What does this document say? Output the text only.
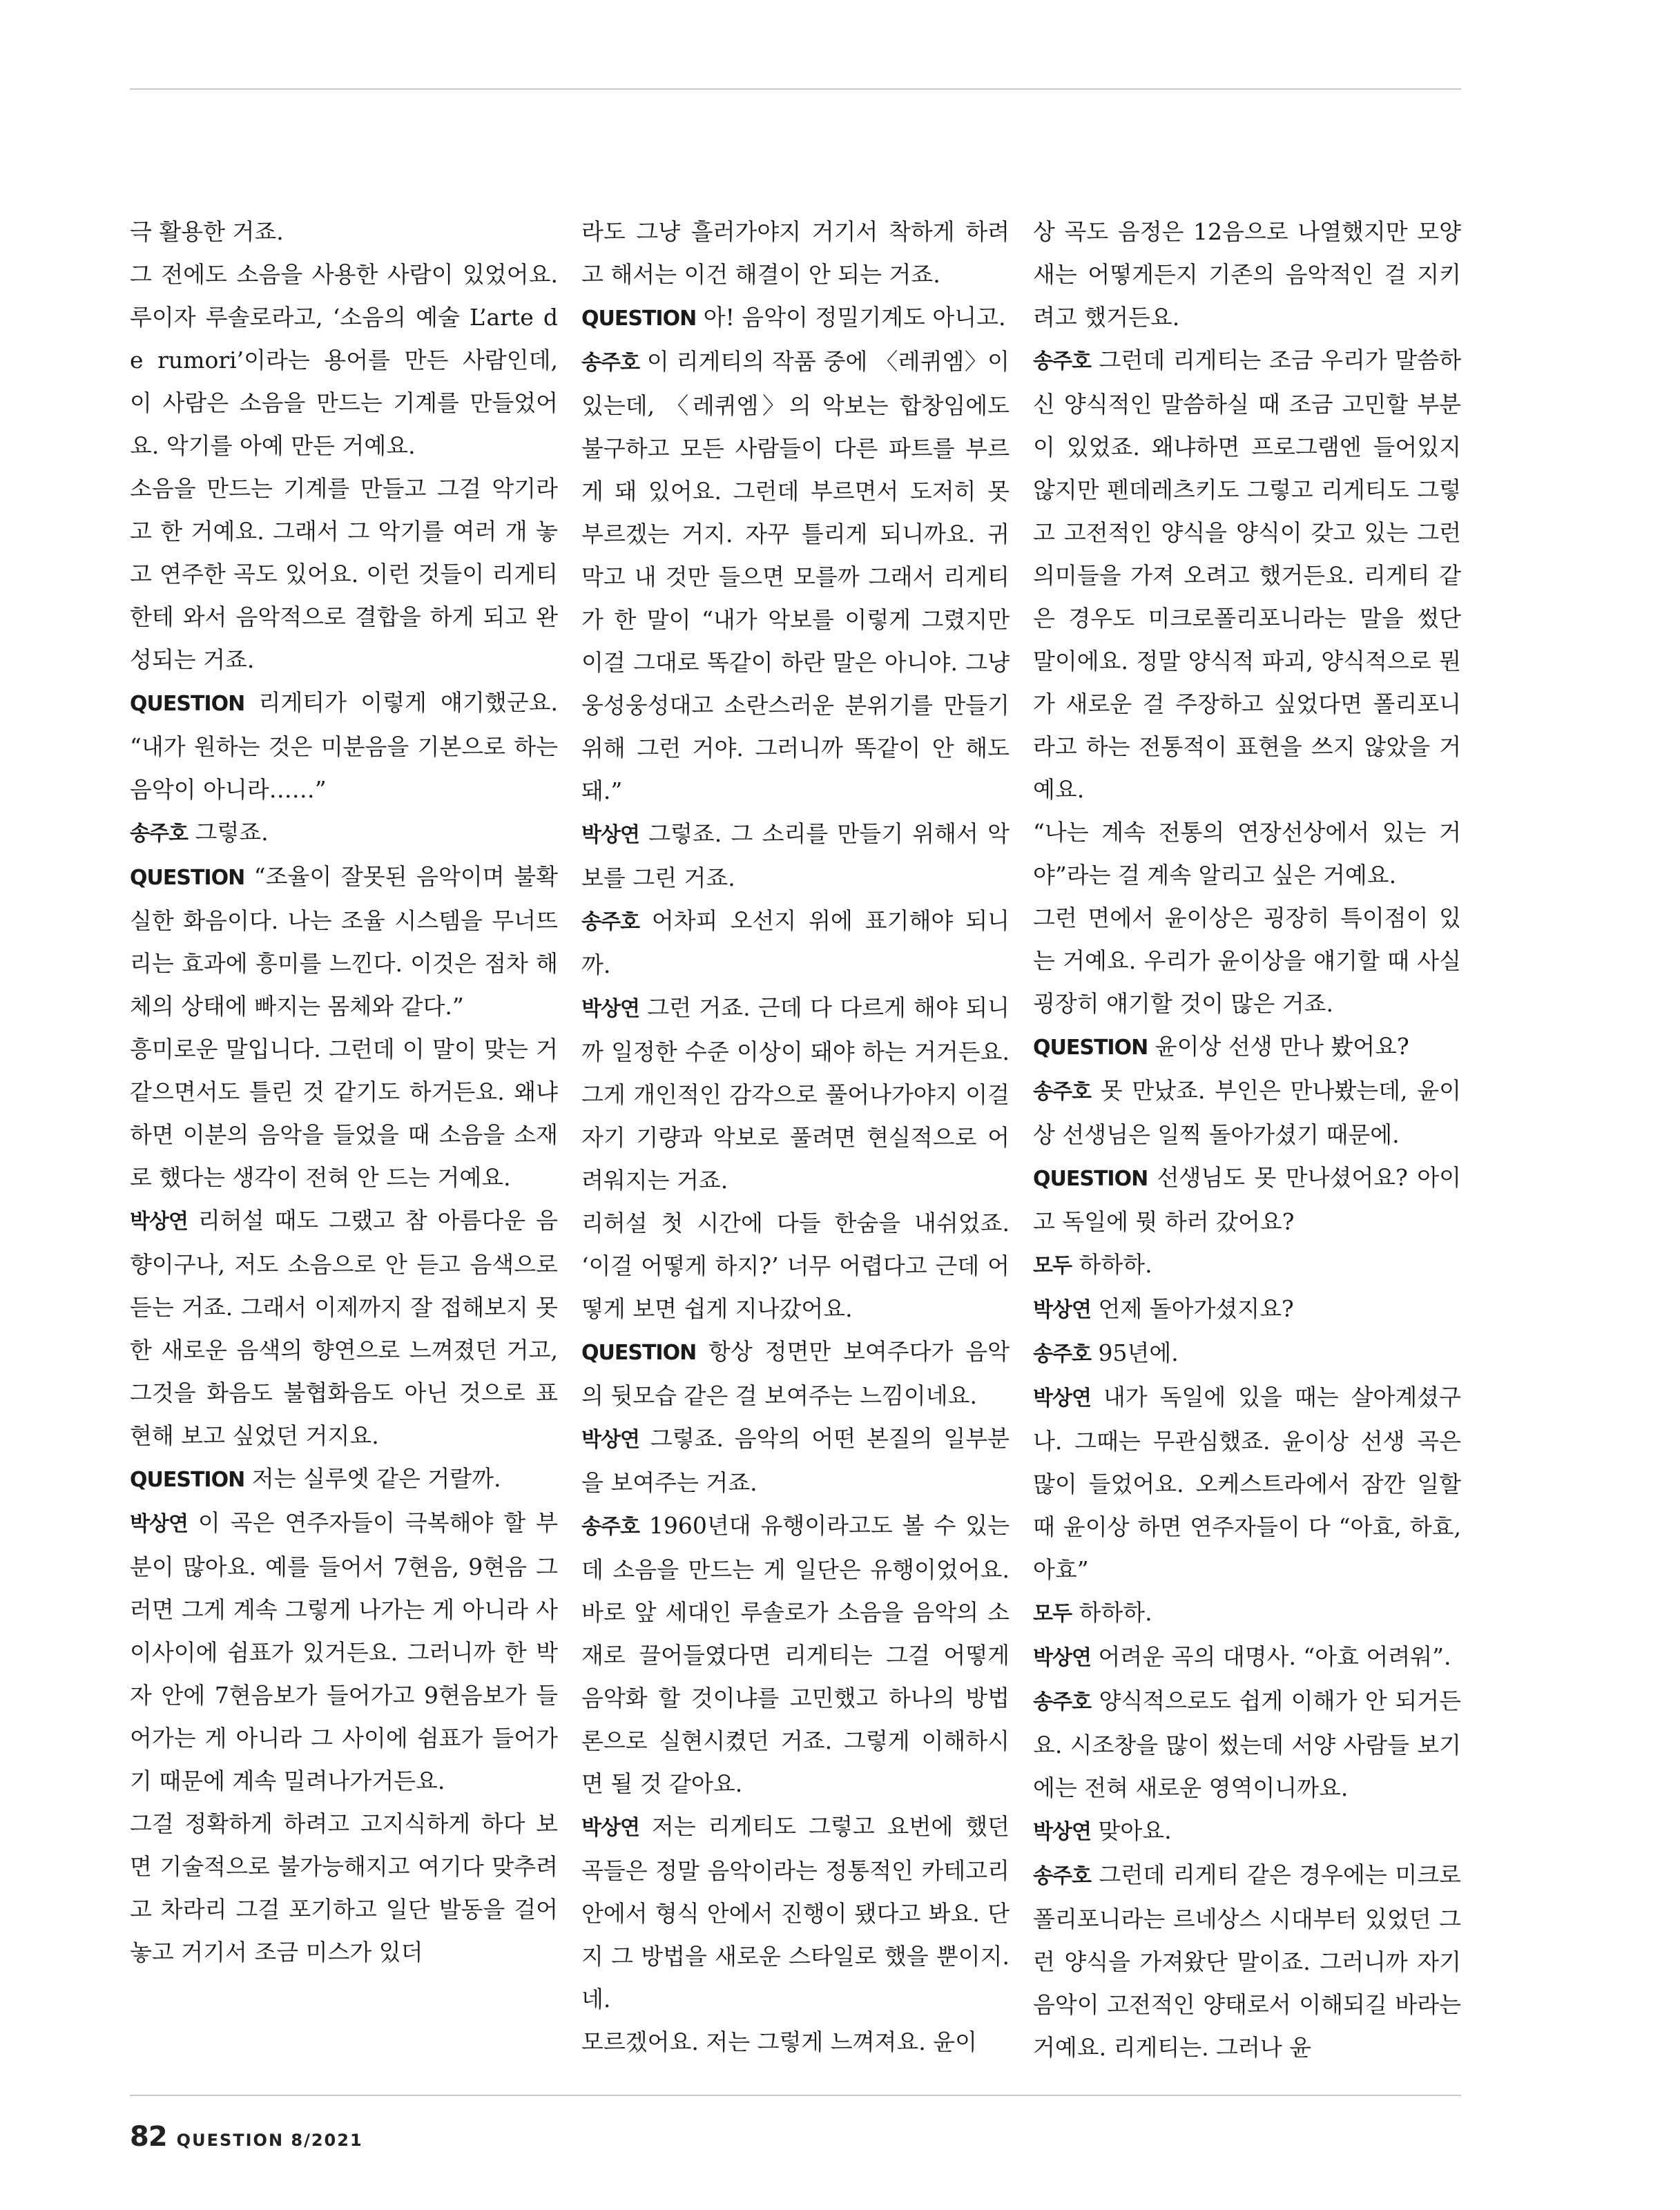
극 활용한 거죠.

그 전에도 소음을 사용한 사람이 있었어요. 루이자 루솔로라고, ‘소음의 예술 L’arte de rumori’이라는 용어를 만든 사람인데, 이 사람은 소음을 만드는 기계를 만들었어요. 악기를 아예 만든 거예요.

소음을 만드는 기계를 만들고 그걸 악기라고 한 거예요. 그래서 그 악기를 여러 개 놓고 연주한 곡도 있어요. 이런 것들이 리게티한테 와서 음악적으로 결합을 하게 되고 완성되는 거죠.

QUESTION 리게티가 이렇게 얘기했군요. “내가 원하는 것은 미분음을 기본으로 하는 음악이 아니라……”

송주호 그렇죠.

QUESTION “조율이 잘못된 음악이며 불확실한 화음이다. 나는 조율 시스템을 무너뜨리는 효과에 흥미를 느낀다. 이것은 점차 해체의 상태에 빠지는 몸체와 같다.”

흥미로운 말입니다. 그런데 이 말이 맞는 거 같으면서도 틀린 것 같기도 하거든요. 왜냐하면 이분의 음악을 들었을 때 소음을 소재로 했다는 생각이 전혀 안 드는 거예요.

박상연 리허설 때도 그랬고 참 아름다운 음향이구나, 저도 소음으로 안 듣고 음색으로 듣는 거죠. 그래서 이제까지 잘 접해보지 못한 새로운 음색의 향연으로 느껴졌던 거고, 그것을 화음도 불협화음도 아닌 것으로 표현해 보고 싶었던 거지요.

QUESTION 저는 실루엣 같은 거랄까.

박상연 이 곡은 연주자들이 극복해야 할 부분이 많아요. 예를 들어서 7현음, 9현음 그러면 그게 계속 그렇게 나가는 게 아니라 사이사이에 쉼표가 있거든요. 그러니까 한 박자 안에 7현음보가 들어가고 9현음보가 들어가는 게 아니라 그 사이에 쉼표가 들어가기 때문에 계속 밀려나가거든요.

그걸 정확하게 하려고 고지식하게 하다 보면 기술적으로 불가능해지고 여기다 맞추려고 차라리 그걸 포기하고 일단 발동을 걸어놓고 거기서 조금 미스가 있더

라도 그냥 흘러가야지 거기서 착하게 하려고 해서는 이건 해결이 안 되는 거죠.

QUESTION 아! 음악이 정밀기계도 아니고.

송주호 이 리게티의 작품 중에 〈레퀴엠〉이 있는데, 〈레퀴엠〉의 악보는 합창임에도 불구하고 모든 사람들이 다른 파트를 부르게 돼 있어요. 그런데 부르면서 도저히 못 부르겠는 거지. 자꾸 틀리게 되니까요. 귀 막고 내 것만 들으면 모를까 그래서 리게티가 한 말이 “내가 악보를 이렇게 그렸지만 이걸 그대로 똑같이 하란 말은 아니야. 그냥 웅성웅성대고 소란스러운 분위기를 만들기 위해 그런 거야. 그러니까 똑같이 안 해도 돼.”

박상연 그렇죠. 그 소리를 만들기 위해서 악보를 그린 거죠.

송주호 어차피 오선지 위에 표기해야 되니까.

박상연 그런 거죠. 근데 다 다르게 해야 되니까 일정한 수준 이상이 돼야 하는 거거든요. 그게 개인적인 감각으로 풀어나가야지 이걸 자기 기량과 악보로 풀려면 현실적으로 어려워지는 거죠.

리허설 첫 시간에 다들 한숨을 내쉬었죠. ‘이걸 어떻게 하지?’ 너무 어렵다고 근데 어떻게 보면 쉽게 지나갔어요.

QUESTION 항상 정면만 보여주다가 음악의 뒷모습 같은 걸 보여주는 느낌이네요.

박상연 그렇죠. 음악의 어떤 본질의 일부분을 보여주는 거죠.

송주호 1960년대 유행이라고도 볼 수 있는데 소음을 만드는 게 일단은 유행이었어요. 바로 앞 세대인 루솔로가 소음을 음악의 소재로 끌어들였다면 리게티는 그걸 어떻게 음악화 할 것이냐를 고민했고 하나의 방법론으로 실현시켰던 거죠. 그렇게 이해하시면 될 것 같아요.

박상연 저는 리게티도 그렇고 요번에 했던 곡들은 정말 음악이라는 정통적인 카테고리 안에서 형식 안에서 진행이 됐다고 봐요. 단지 그 방법을 새로운 스타일로 했을 뿐이지. 네.

모르겠어요. 저는 그렇게 느껴져요. 윤이

상 곡도 음정은 12음으로 나열했지만 모양새는 어떻게든지 기존의 음악적인 걸 지키려고 했거든요.

송주호 그런데 리게티는 조금 우리가 말씀하신 양식적인 말씀하실 때 조금 고민할 부분이 있었죠. 왜냐하면 프로그램엔 들어있지 않지만 펜데레츠키도 그렇고 리게티도 그렇고 고전적인 양식을 양식이 갖고 있는 그런 의미들을 가져 오려고 했거든요. 리게티 같은 경우도 미크로폴리포니라는 말을 썼단 말이에요. 정말 양식적 파괴, 양식적으로 뭔가 새로운 걸 주장하고 싶었다면 폴리포니라고 하는 전통적이 표현을 쓰지 않았을 거예요.

“나는 계속 전통의 연장선상에서 있는 거야”라는 걸 계속 알리고 싶은 거예요.

그런 면에서 윤이상은 굉장히 특이점이 있는 거예요. 우리가 윤이상을 얘기할 때 사실 굉장히 얘기할 것이 많은 거죠.

QUESTION 윤이상 선생 만나 봤어요?

송주호 못 만났죠. 부인은 만나봤는데, 윤이상 선생님은 일찍 돌아가셨기 때문에.

QUESTION 선생님도 못 만나셨어요? 아이고 독일에 뭣 하러 갔어요?

모두 하하하.

박상연 언제 돌아가셨지요?

송주호 95년에.

박상연 내가 독일에 있을 때는 살아계셨구나. 그때는 무관심했죠. 윤이상 선생 곡은 많이 들었어요. 오케스트라에서 잠깐 일할 때 윤이상 하면 연주자들이 다 “아효, 하효, 아효”

모두 하하하.

박상연 어려운 곡의 대명사. “아효 어려워”.

송주호 양식적으로도 쉽게 이해가 안 되거든요. 시조창을 많이 썼는데 서양 사람들 보기에는 전혀 새로운 영역이니까요.

박상연 맞아요.

송주호 그런데 리게티 같은 경우에는 미크로폴리포니라는 르네상스 시대부터 있었던 그런 양식을 가져왔단 말이죠. 그러니까 자기 음악이 고전적인 양태로서 이해되길 바라는 거예요. 리게티는. 그러나 윤

82 QUESTION 8/2021
